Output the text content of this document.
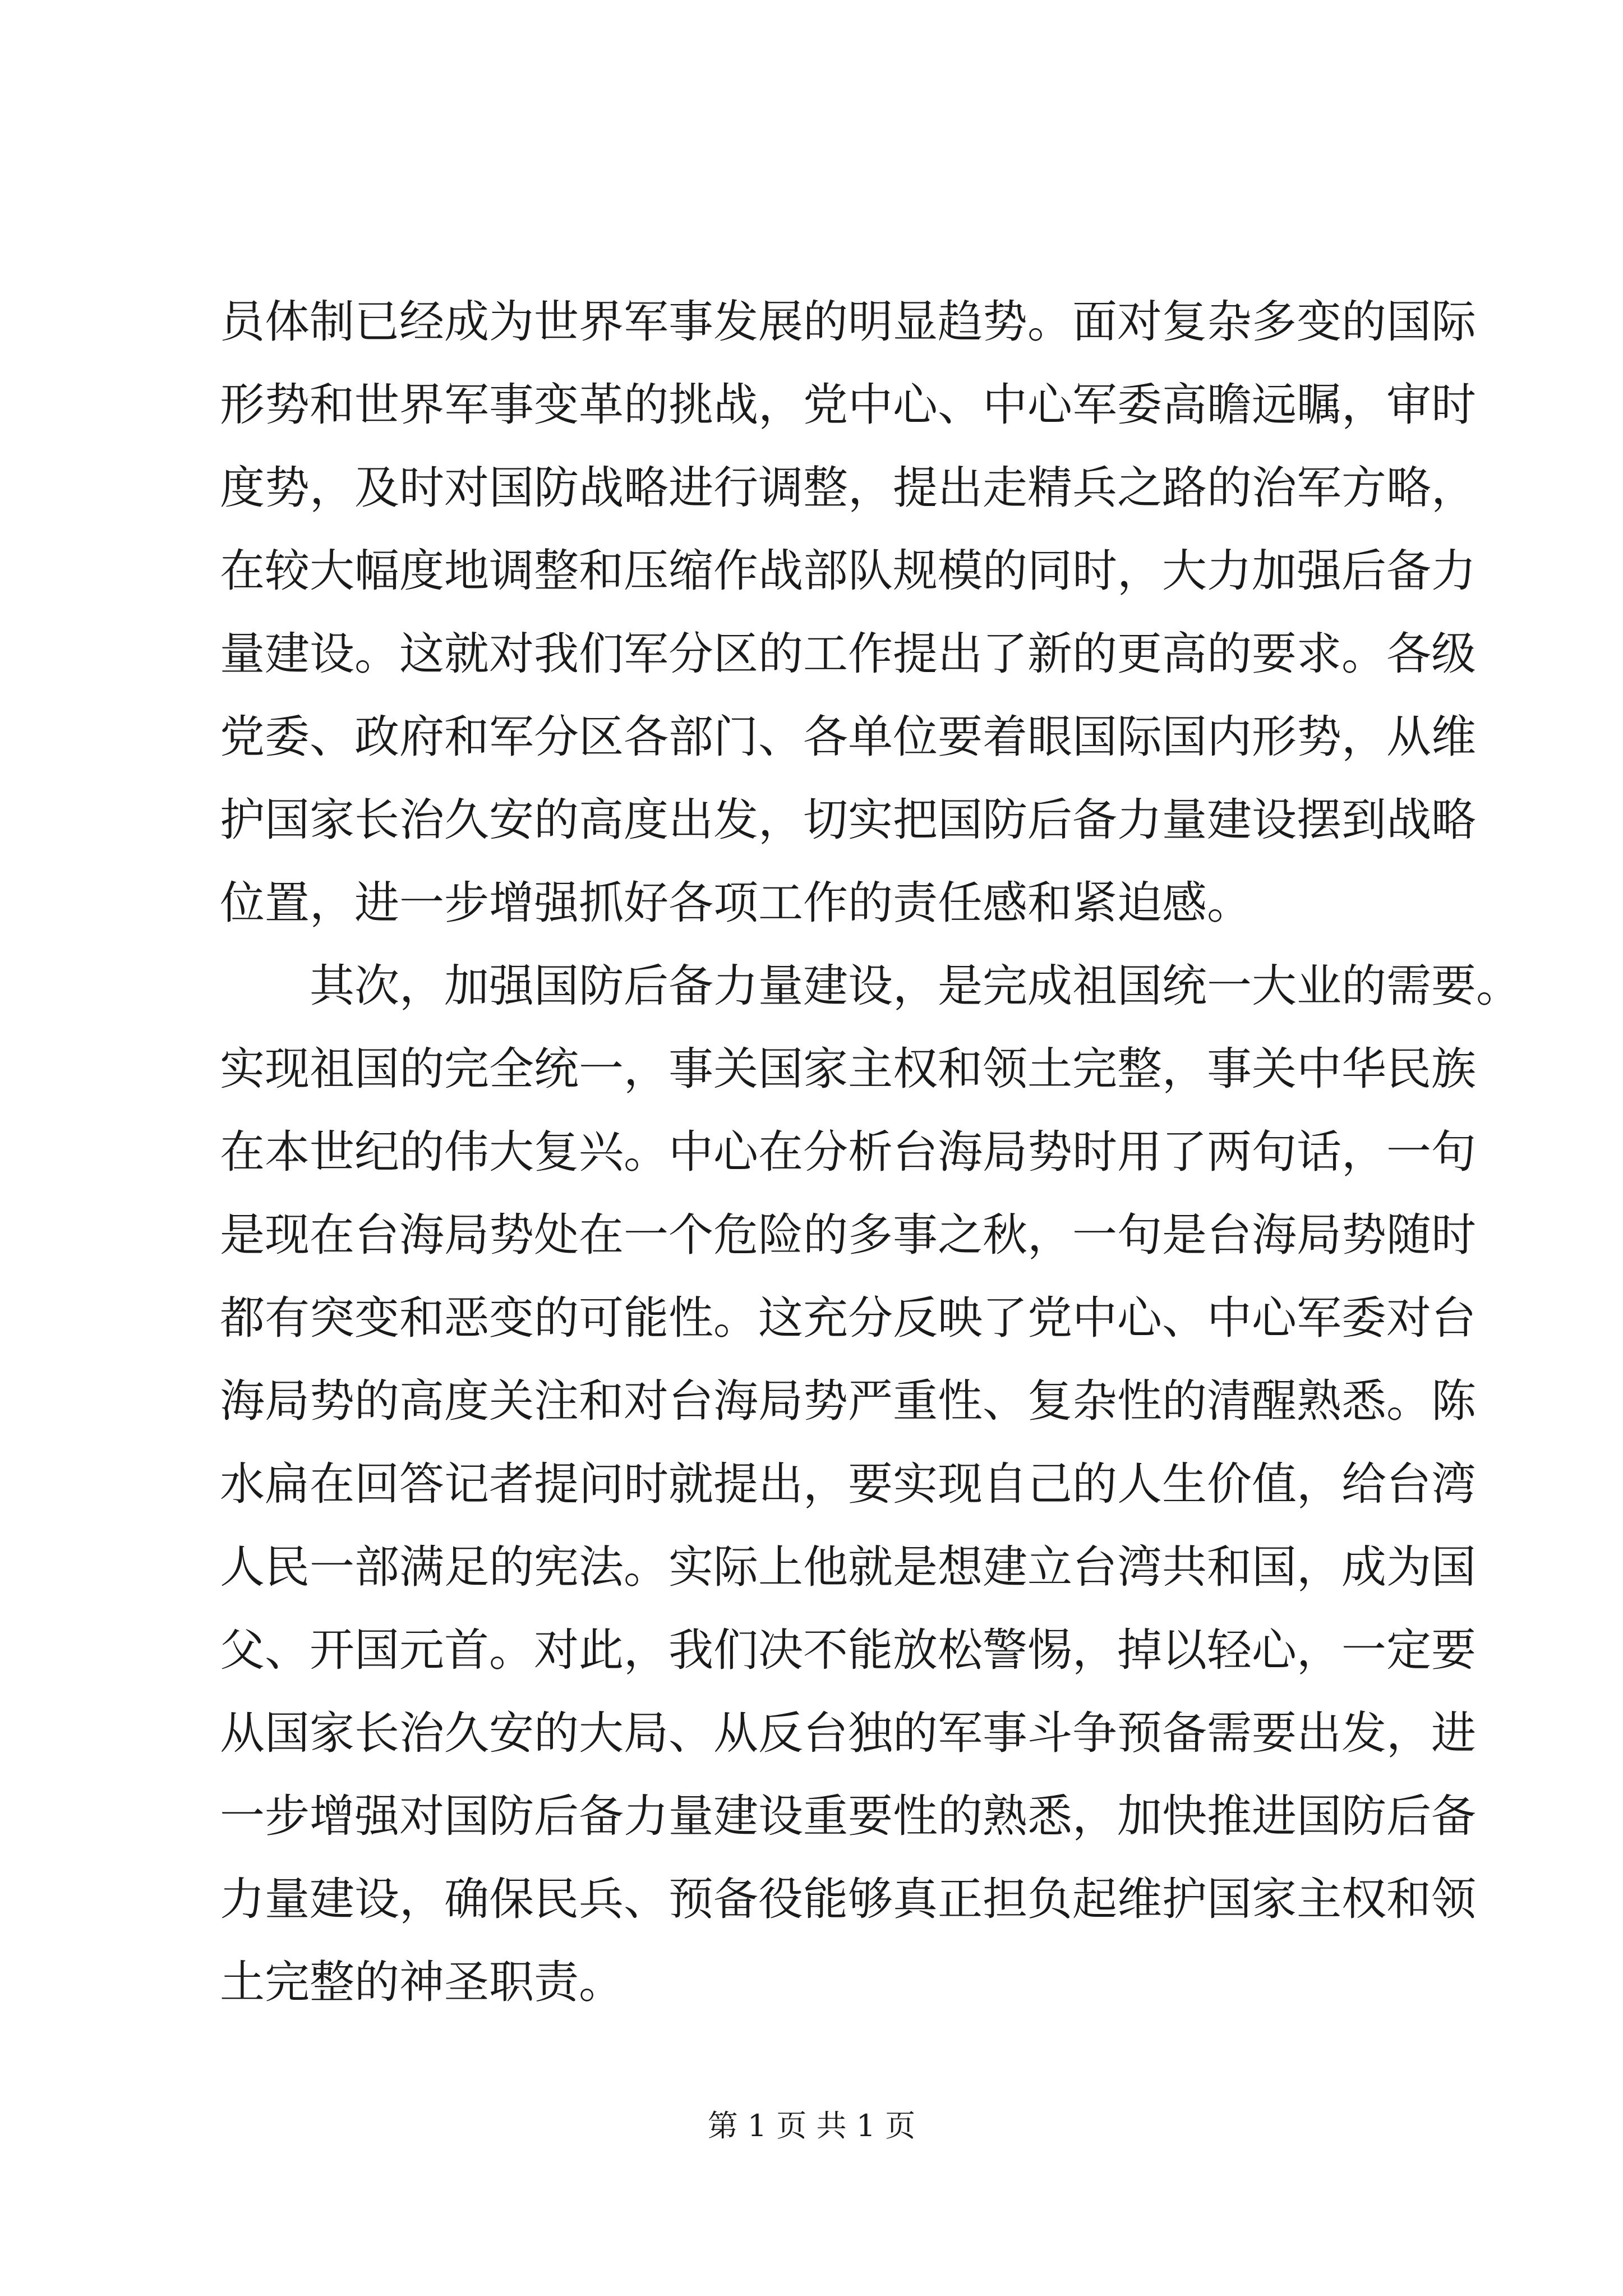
员体制已经成为世界军事发展的明显趋势。面对复杂多变的国际
形势和世界军事变革的挑战，党中心、中心军委高瞻远瞩，审时
度势，及时对国防战略进行调整，提出走精兵之路的治军方略，
在较大幅度地调整和压缩作战部队规模的同时，大力加强后备力
量建设。这就对我们军分区的工作提出了新的更高的要求。各级
党委、政府和军分区各部门、各单位要着眼国际国内形势，从维
护国家长治久安的高度出发，切实把国防后备力量建设摆到战略
位置，进一步增强抓好各项工作的责任感和紧迫感。
其次，加强国防后备力量建设，是完成祖国统一大业的需要。
实现祖国的完全统一，事关国家主权和领土完整，事关中华民族
在本世纪的伟大复兴。中心在分析台海局势时用了两句话，一句
是现在台海局势处在一个危险的多事之秋，一句是台海局势随时
都有突变和恶变的可能性。这充分反映了党中心、中心军委对台
海局势的高度关注和对台海局势严重性、复杂性的清醒熟悉。陈
水扁在回答记者提问时就提出，要实现自己的人生价值，给台湾
人民一部满足的宪法。实际上他就是想建立台湾共和国，成为国
父、开国元首。对此，我们决不能放松警惕，掉以轻心，一定要
从国家长治久安的大局、从反台独的军事斗争预备需要出发，进
一步增强对国防后备力量建设重要性的熟悉，加快推进国防后备
力量建设，确保民兵、预备役能够真正担负起维护国家主权和领
土完整的神圣职责。
第 1 页 共 1 页
